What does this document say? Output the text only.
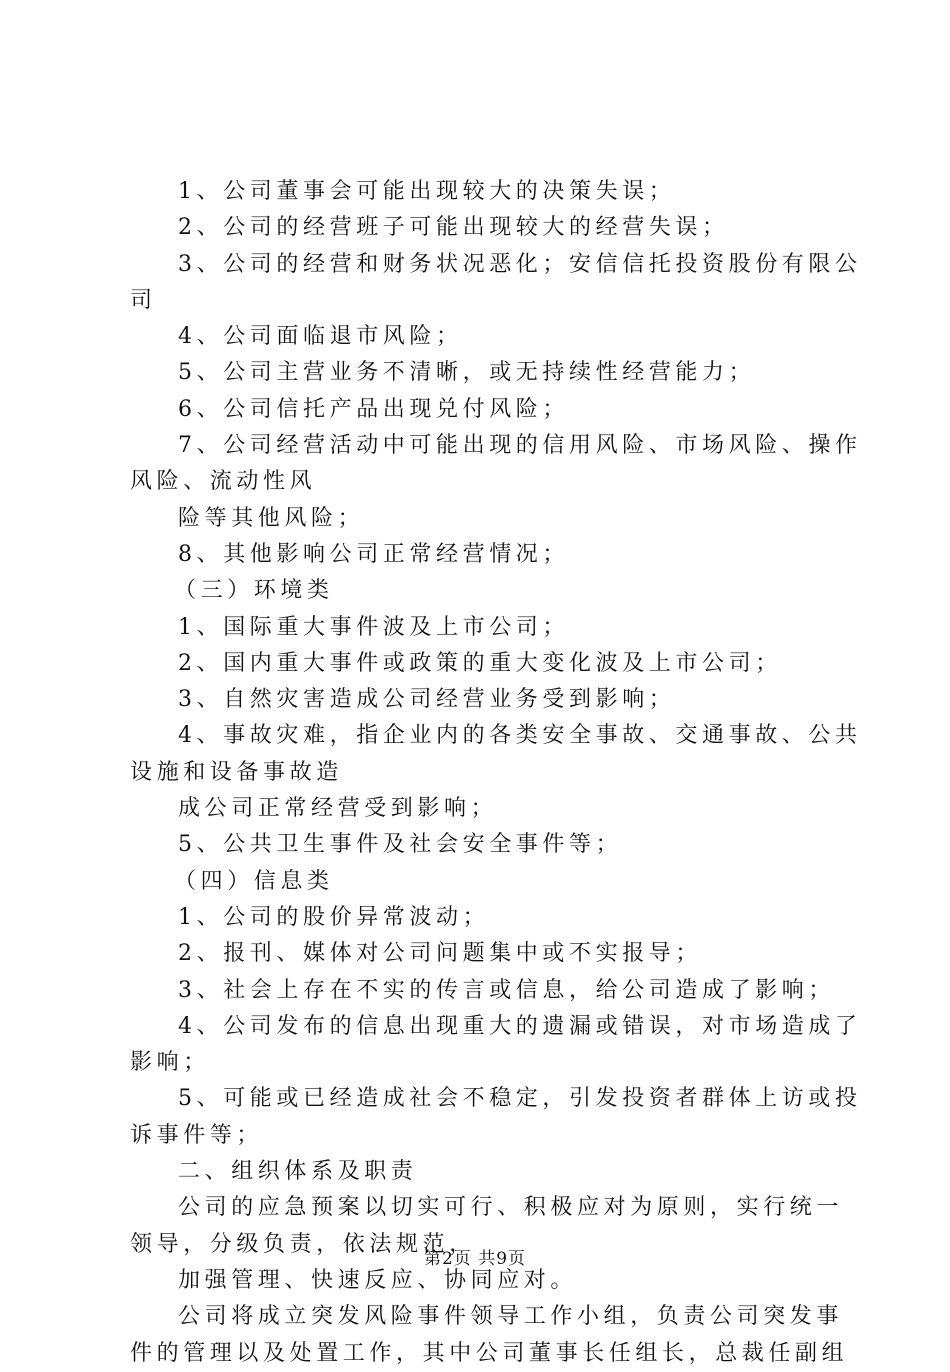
1、公司董事会可能出现较大的决策失误；
2、公司的经营班子可能出现较大的经营失误；
3、公司的经营和财务状况恶化；安信信托投资股份有限公
司
4、公司面临退市风险；
5、公司主营业务不清晰，或无持续性经营能力；
6、公司信托产品出现兑付风险；
7、公司经营活动中可能出现的信用风险、市场风险、操作
风险、流动性风
险等其他风险；
8、其他影响公司正常经营情况；
（三）环境类
1、国际重大事件波及上市公司；
2、国内重大事件或政策的重大变化波及上市公司；
3、自然灾害造成公司经营业务受到影响；
4、事故灾难，指企业内的各类安全事故、交通事故、公共
设施和设备事故造
成公司正常经营受到影响；
5、公共卫生事件及社会安全事件等；
（四）信息类
1、公司的股价异常波动；
2、报刊、媒体对公司问题集中或不实报导；
3、社会上存在不实的传言或信息，给公司造成了影响；
4、公司发布的信息出现重大的遗漏或错误，对市场造成了
影响；
5、可能或已经造成社会不稳定，引发投资者群体上访或投
诉事件等；
二、组织体系及职责
公司的应急预案以切实可行、积极应对为原则，实行统一
领导，分级负责，依法规范，
加强管理、快速反应、协同应对。
公司将成立突发风险事件领导工作小组，负责公司突发事
件的管理以及处置工作，其中公司董事长任组长，总裁任副组
第2页 共9页
